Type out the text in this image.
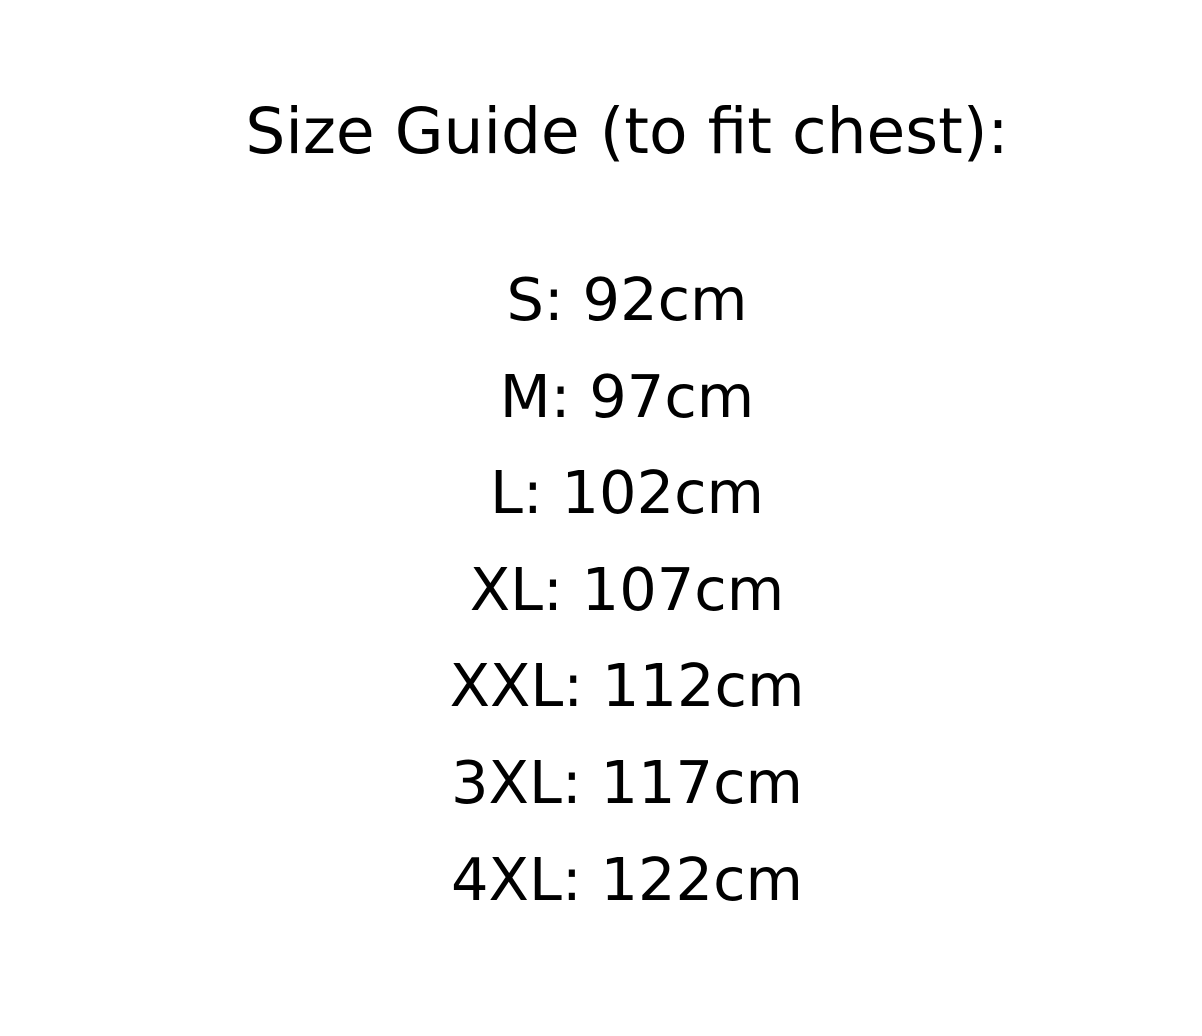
Size Guide (to fit chest):
S: 92cm
M: 97cm
L: 102cm
XL: 107cm
XXL: 112cm
3XL: 117cm
4XL: 122cm
